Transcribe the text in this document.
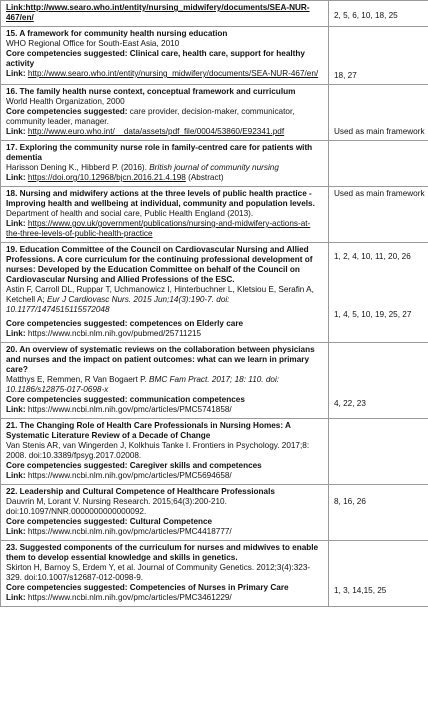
Link:http://www.searo.who.int/entity/nursing_midwifery/documents/SEA-NUR-467/en/	2, 5, 6, 10, 18, 25

15. A framework for community health nursing education
WHO Regional Office for South-East Asia, 2010
Core competencies suggested: Clinical care, health care, support for healthy activity
Link: http://www.searo.who.int/entity/nursing_midwifery/documents/SEA-NUR-467/en/	18, 27

16. The family health nurse context, conceptual framework and curriculum
World Health Organization, 2000
Core competencies suggested: care provider, decision-maker, communicator, community leader, manager.
Link: http://www.euro.who.int/__data/assets/pdf_file/0004/53860/E92341.pdf	Used as main framework

17. Exploring the community nurse role in family-centred care for patients with dementia
Harisson Dening K., Hibberd P. (2016). British journal of community nursing
Link: https://doi.org/10.12968/bjcn.2016.21.4.198 (Abstract)	

18. Nursing and midwifery actions at the three levels of public health practice - Improving health and wellbeing at individual, community and population levels.
Department of health and social care, Public Health England (2013).
Link: https://www.gov.uk/government/publications/nursing-and-midwifery-actions-at-the-three-levels-of-public-health-practice	Used as main framework

19. Education Committee of the Council on Cardiovascular Nursing and Allied Professions. A core curriculum for the continuing professional development of nurses: Developed by the Education Committee on behalf of the Council on Cardiovascular Nursing and Allied Professions of the ESC.
Astin F, Carroll DL, Ruppar T, Uchmanowicz I, Hinterbuchner L, Kletsiou E, Serafin A, Ketchell A; Eur J Cardiovasc Nurs. 2015 Jun;14(3):190-7. doi: 10.1177/1474515115572048
Core competencies suggested: competences on Elderly care
Link: https://www.ncbi.nlm.nih.gov/pubmed/25711215	1, 2, 4, 10, 11, 20, 26
1, 4, 5, 10, 19, 25, 27

20. An overview of systematic reviews on the collaboration between physicians and nurses and the impact on patient outcomes: what can we learn in primary care?
Matthys E, Remmen, R Van Bogaert P. BMC Fam Pract. 2017; 18: 110. doi: 10.1186/s12875-017-0698-x
Core competencies suggested: communication competences
Link: https://www.ncbi.nlm.nih.gov/pmc/articles/PMC5741858/	4, 22, 23

21. The Changing Role of Health Care Professionals in Nursing Homes: A Systematic Literature Review of a Decade of Change
Van Stenis AR, van Wingerden J, Kolkhuis Tanke I. Frontiers in Psychology. 2017;8: 2008. doi:10.3389/fpsyg.2017.02008.
Core competencies suggested: Caregiver skills and competences
Link: https://www.ncbi.nlm.nih.gov/pmc/articles/PMC5694658/	

22. Leadership and Cultural Competence of Healthcare Professionals
Dauvrin M, Lorant V. Nursing Research. 2015;64(3):200-210. doi:10.1097/NNR.0000000000000092.
Core competencies suggested: Cultural Competence
Link: https://www.ncbi.nlm.nih.gov/pmc/articles/PMC4418777/	8, 16, 26

23. Suggested components of the curriculum for nurses and midwives to enable them to develop essential knowledge and skills in genetics.
Skirton H, Barnoy S, Erdem Y, et al. Journal of Community Genetics. 2012;3(4):323-329. doi:10.1007/s12687-012-0098-9.
Core competencies suggested: Competencies of Nurses in Primary Care
Link: https://www.ncbi.nlm.nih.gov/pmc/articles/PMC3461229/	1, 3, 14,15, 25
